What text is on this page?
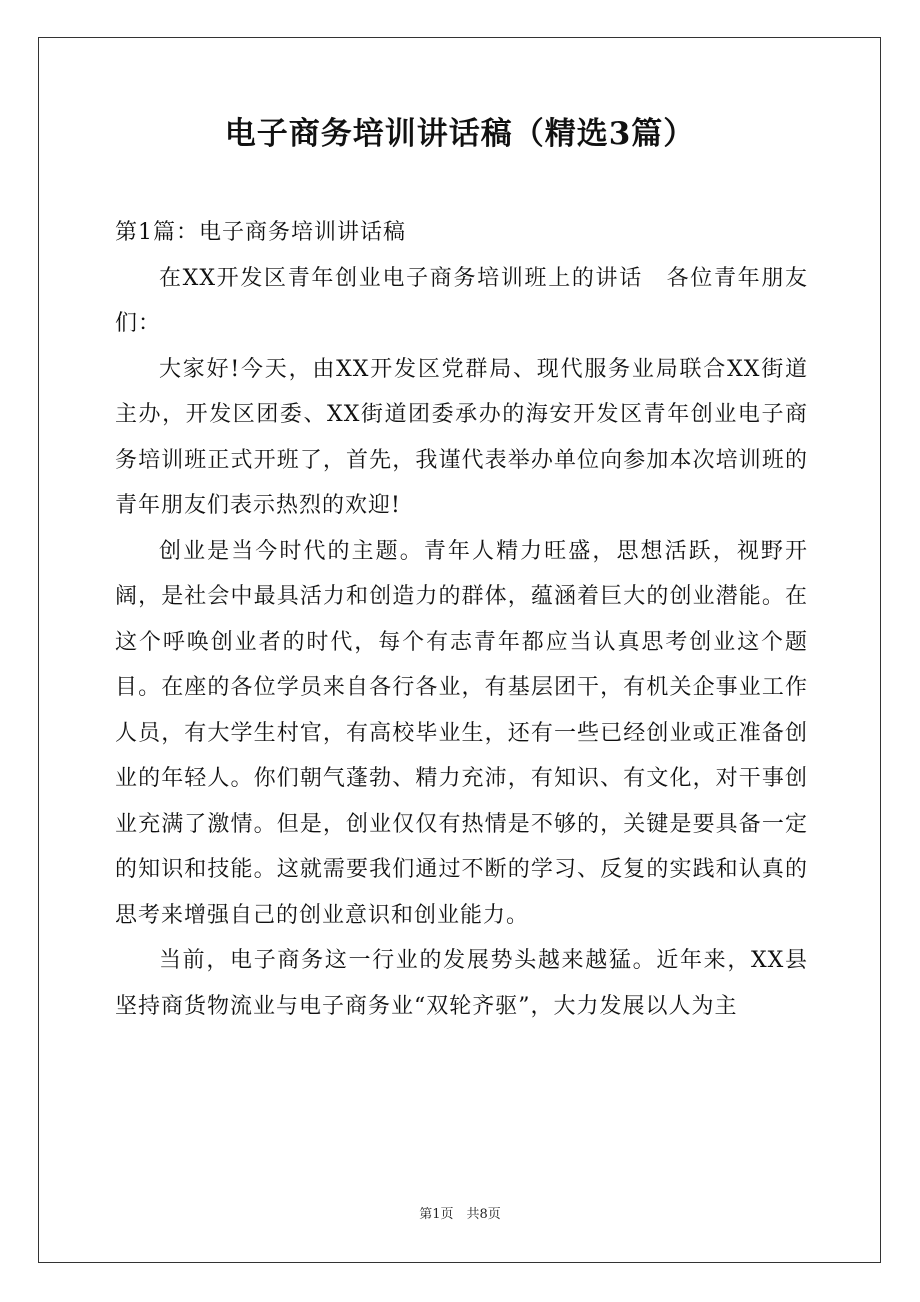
电子商务培训讲话稿（精选3篇）

第1篇：电子商务培训讲话稿

在XX开发区青年创业电子商务培训班上的讲话　各位青年朋友们：

大家好!今天，由XX开发区党群局、现代服务业局联合XX街道主办，开发区团委、XX街道团委承办的海安开发区青年创业电子商务培训班正式开班了，首先，我谨代表举办单位向参加本次培训班的青年朋友们表示热烈的欢迎!

创业是当今时代的主题。青年人精力旺盛，思想活跃，视野开阔，是社会中最具活力和创造力的群体，蕴涵着巨大的创业潜能。在这个呼唤创业者的时代，每个有志青年都应当认真思考创业这个题目。在座的各位学员来自各行各业，有基层团干，有机关企事业工作人员，有大学生村官，有高校毕业生，还有一些已经创业或正准备创业的年轻人。你们朝气蓬勃、精力充沛，有知识、有文化，对干事创业充满了激情。但是，创业仅仅有热情是不够的，关键是要具备一定的知识和技能。这就需要我们通过不断的学习、反复的实践和认真的思考来增强自己的创业意识和创业能力。

当前，电子商务这一行业的发展势头越来越猛。近年来，XX县坚持商货物流业与电子商务业“双轮齐驱”，大力发展以人为主

第1页　共8页
